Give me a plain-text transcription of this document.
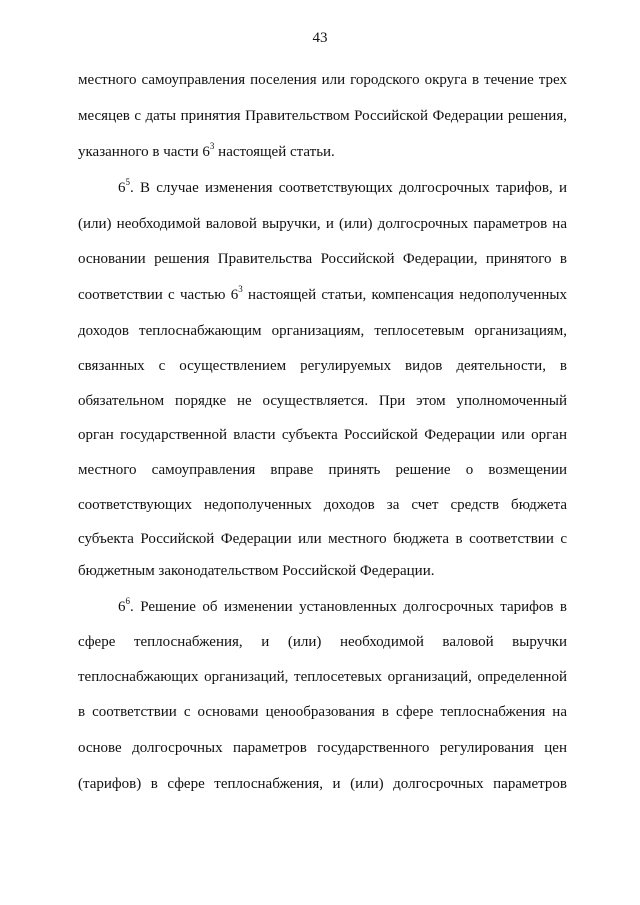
43
местного самоуправления поселения или городского округа в течение трех
месяцев с даты принятия Правительством Российской Федерации решения,
указанного в части $6^3$ настоящей статьи.
$6^5$. В случае изменения соответствующих долгосрочных тарифов, и
(или) необходимой валовой выручки, и (или) долгосрочных параметров на
основании решения Правительства Российской Федерации, принятого в
соответствии с частью $6^3$ настоящей статьи, компенсация недополученных
доходов теплоснабжающим организациям, теплосетевым организациям,
связанных с осуществлением регулируемых видов деятельности, в
обязательном порядке не осуществляется. При этом уполномоченный
орган государственной власти субъекта Российской Федерации или орган
местного самоуправления вправе принять решение о возмещении
соответствующих недополученных доходов за счет средств бюджета
субъекта Российской Федерации или местного бюджета в соответствии с
бюджетным законодательством Российской Федерации.
$6^6$. Решение об изменении установленных долгосрочных тарифов в
сфере теплоснабжения, и (или) необходимой валовой выручки
теплоснабжающих организаций, теплосетевых организаций, определенной
в соответствии с основами ценообразования в сфере теплоснабжения на
основе долгосрочных параметров государственного регулирования цен
(тарифов) в сфере теплоснабжения, и (или) долгосрочных параметров
